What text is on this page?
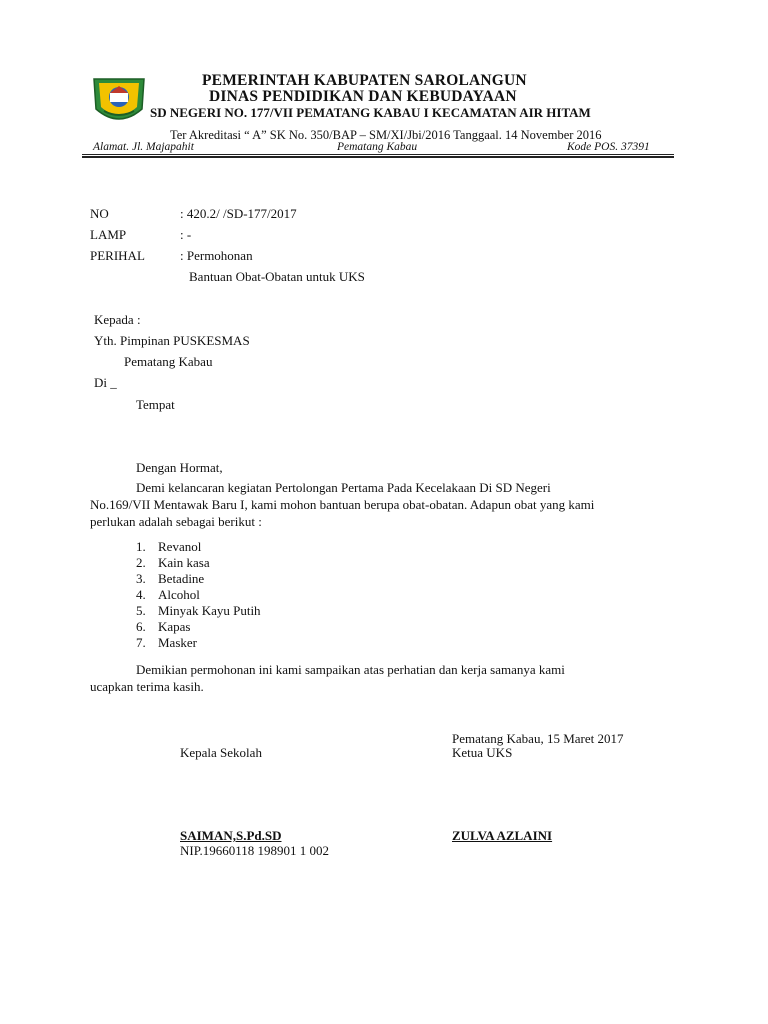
PEMERINTAH KABUPATEN SAROLANGUN
DINAS PENDIDIKAN DAN KEBUDAYAAN
SD NEGERI NO. 177/VII PEMATANG KABAU I KECAMATAN AIR HITAM
Ter Akreditasi “ A” SK No. 350/BAP – SM/XI/Jbi/2016 Tanggaal. 14 November 2016
Alamat. Jl. Majapahit	Pematang Kabau	Kode POS. 37391
NO	: 420.2/ /SD-177/2017
LAMP	: -
PERIHAL	: Permohonan
Bantuan Obat-Obatan untuk UKS
Kepada :
Yth. Pimpinan PUSKESMAS
Pematang Kabau
Di _
Tempat
Dengan Hormat,
Demi kelancaran kegiatan Pertolongan Pertama Pada Kecelakaan Di SD Negeri
No.169/VII Mentawak Baru I, kami mohon bantuan berupa obat-obatan. Adapun obat yang kami
perlukan adalah sebagai berikut :
1. Revanol
2. Kain kasa
3. Betadine
4. Alcohol
5. Minyak Kayu Putih
6. Kapas
7. Masker
Demikian permohonan ini kami sampaikan atas perhatian dan kerja samanya kami
ucapkan terima kasih.
Pematang Kabau, 15 Maret 2017
Kepala Sekolah	Ketua UKS
SAIMAN,S.Pd.SD
NIP.19660118 198901 1 002
ZULVA AZLAINI
